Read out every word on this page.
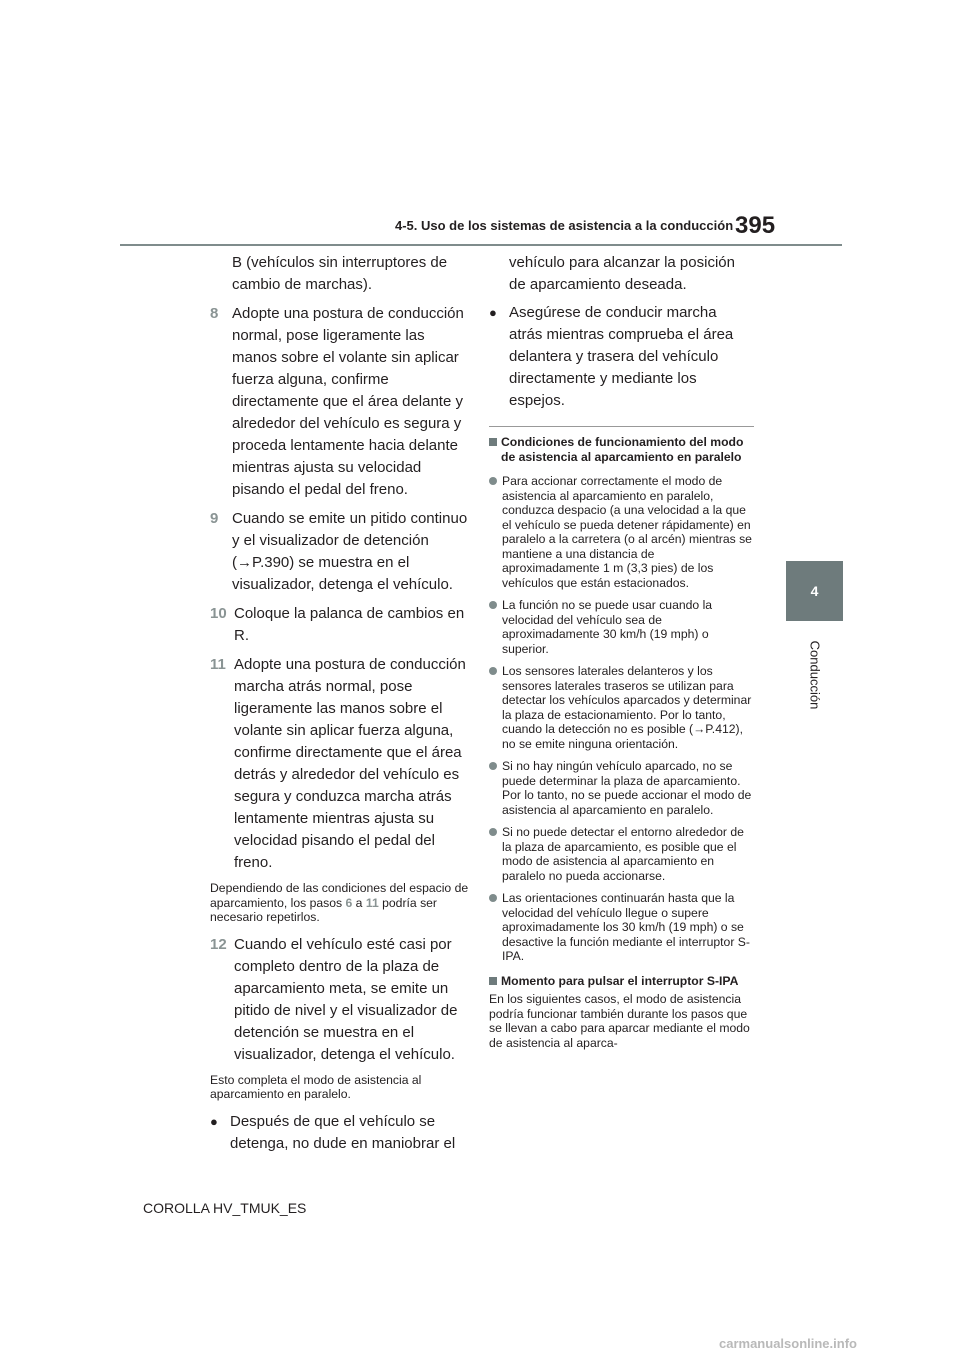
4-5. Uso de los sistemas de asistencia a la conducción 395
4
Conducción

B (vehículos sin interruptores de cambio de marchas).

8 Adopte una postura de conducción normal, pose ligeramente las manos sobre el volante sin aplicar fuerza alguna, confirme directamente que el área delante y alrededor del vehículo es segura y proceda lentamente hacia delante mientras ajusta su velocidad pisando el pedal del freno.
9 Cuando se emite un pitido continuo y el visualizador de detención (→P.390) se muestra en el visualizador, detenga el vehículo.
10 Coloque la palanca de cambios en R.
11 Adopte una postura de conducción marcha atrás normal, pose ligeramente las manos sobre el volante sin aplicar fuerza alguna, confirme directamente que el área detrás y alrededor del vehículo es segura y conduzca marcha atrás lentamente mientras ajusta su velocidad pisando el pedal del freno.

Dependiendo de las condiciones del espacio de aparcamiento, los pasos 6 a 11 podría ser necesario repetirlos.

12 Cuando el vehículo esté casi por completo dentro de la plaza de aparcamiento meta, se emite un pitido de nivel y el visualizador de detención se muestra en el visualizador, detenga el vehículo.

Esto completa el modo de asistencia al aparcamiento en paralelo.

● Después de que el vehículo se detenga, no dude en maniobrar el

vehículo para alcanzar la posición de aparcamiento deseada.

● Asegúrese de conducir marcha atrás mientras comprueba el área delantera y trasera del vehículo directamente y mediante los espejos.
Condiciones de funcionamiento del modo de asistencia al aparcamiento en paralelo
Para accionar correctamente el modo de asistencia al aparcamiento en paralelo, conduzca despacio (a una velocidad a la que el vehículo se pueda detener rápidamente) en paralelo a la carretera (o al arcén) mientras se mantiene a una distancia de aproximadamente 1 m (3,3 pies) de los vehículos que están estacionados.
La función no se puede usar cuando la velocidad del vehículo sea de aproximadamente 30 km/h (19 mph) o superior.
Los sensores laterales delanteros y los sensores laterales traseros se utilizan para detectar los vehículos aparcados y determinar la plaza de estacionamiento. Por lo tanto, cuando la detección no es posible (→P.412), no se emite ninguna orientación.
Si no hay ningún vehículo aparcado, no se puede determinar la plaza de aparcamiento. Por lo tanto, no se puede accionar el modo de asistencia al aparcamiento en paralelo.
Si no puede detectar el entorno alrededor de la plaza de aparcamiento, es posible que el modo de asistencia al aparcamiento en paralelo no pueda accionarse.
Las orientaciones continuarán hasta que la velocidad del vehículo llegue o supere aproximadamente los 30 km/h (19 mph) o se desactive la función mediante el interruptor S-IPA.
Momento para pulsar el interruptor S-IPA

En los siguientes casos, el modo de asistencia podría funcionar también durante los pasos que se llevan a cabo para aparcar mediante el modo de asistencia al aparca-

COROLLA HV_TMUK_ES
carmanualsonline.info
